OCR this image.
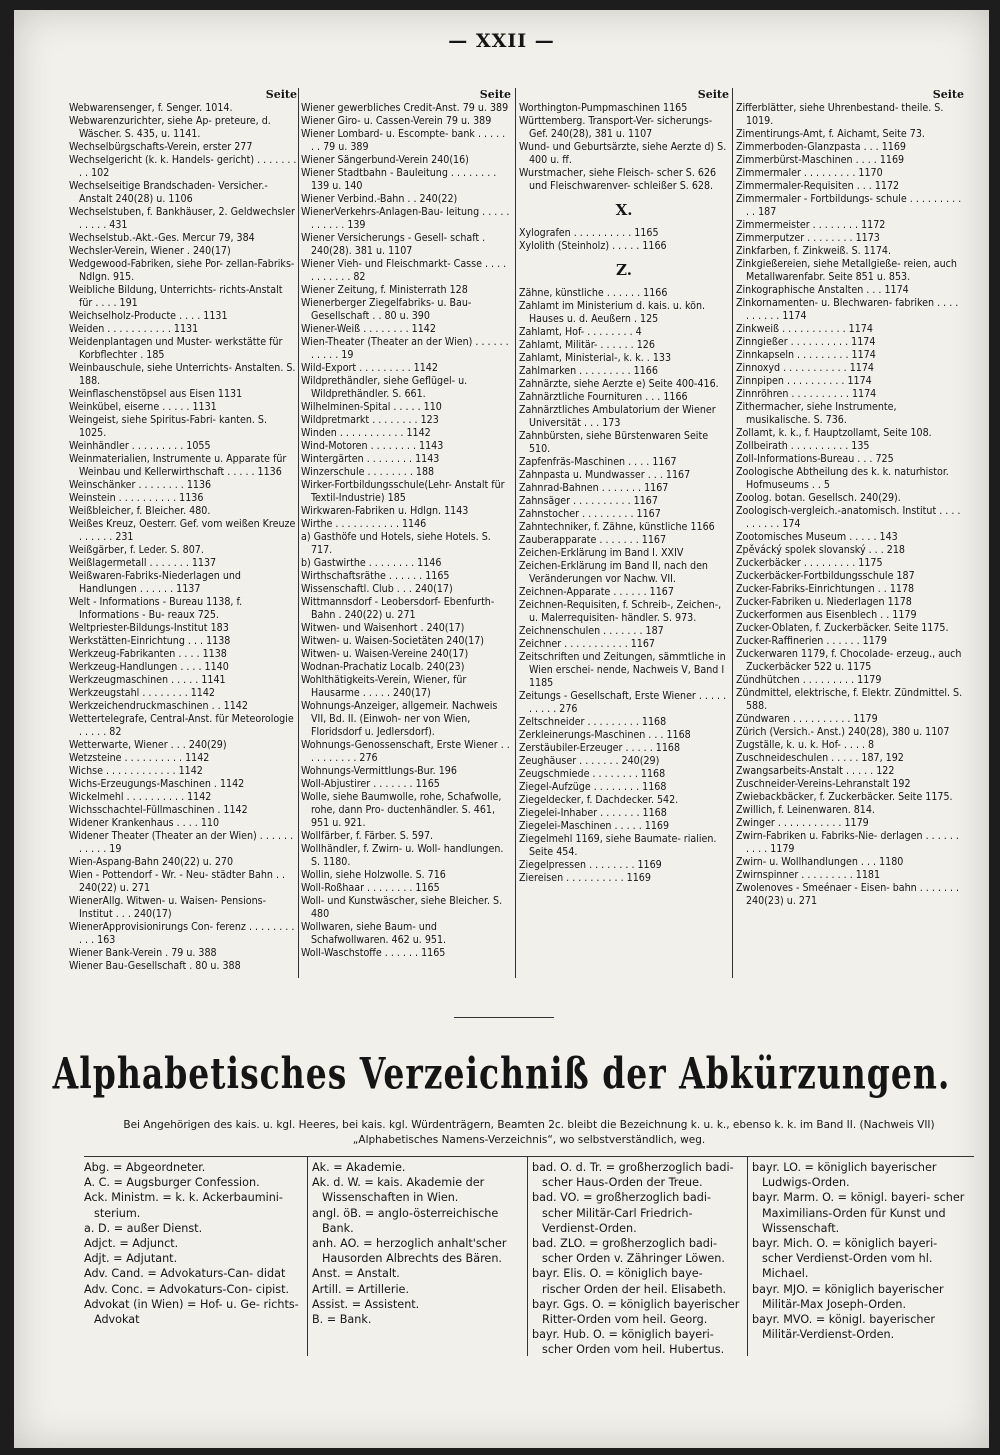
— XXII —
Seite
Webwarensenger, f. Senger. 1014.
Webwarenzurichter, siehe Ap- preteure, d. Wäscher. S. 435, u. 1141.
Wechselbürgschafts-Verein, erster 277
Wechselgericht (k. k. Handels- gericht) . . . . . . . . . 102
Wechselseitige Brandschaden- Versicher.-Anstalt 240(28) u. 1106
Wechselstuben, f. Bankhäuser, 2. Geldwechsler . . . . . 431
Wechselstub.-Akt.-Ges. Mercur 79, 384
Wechsler-Verein, Wiener . 240(17)
Wedgewood-Fabriken, siehe Por- zellan-Fabriks-Ndlgn. 915.
Weibliche Bildung, Unterrichts- richts-Anstalt für . . . . 191
Weichselholz-Producte . . . . 1131
Weiden . . . . . . . . . . . 1131
Weidenplantagen und Muster- werkstätte für Korbflechter . 185
Weinbauschule, siehe Unterrichts- Anstalten. S. 188.
Weinflaschenstöpsel aus Eisen 1131
Weinkübel, eiserne . . . . . 1131
Weingeist, siehe Spiritus-Fabri- kanten. S. 1025.
Weinhändler . . . . . . . . . 1055
Weinmaterialien, Instrumente u. Apparate für Weinbau und Kellerwirthschaft . . . . . 1136
Weinschänker . . . . . . . . 1136
Weinstein . . . . . . . . . . 1136
Weißbleicher, f. Bleicher. 480.
Weißes Kreuz, Oesterr. Gef. vom weißen Kreuze . . . . . . 231
Weißgärber, f. Leder. S. 807.
Weißlagermetall . . . . . . . 1137
Weißwaren-Fabriks-Niederlagen und Handlungen . . . . . . 1137
Welt - Informations - Bureau 1138, f. Informations - Bu- reaux 725.
Weltpriester-Bildungs-Institut 183
Werkstätten-Einrichtung . . . 1138
Werkzeug-Fabrikanten . . . . 1138
Werkzeug-Handlungen . . . . 1140
Werkzeugmaschinen . . . . . 1141
Werkzeugstahl . . . . . . . . 1142
Werkzeichendruckmaschinen . . 1142
Wettertelegrafe, Central-Anst. für Meteorologie . . . . . 82
Wetterwarte, Wiener . . . 240(29)
Wetzsteine . . . . . . . . . . 1142
Wichse . . . . . . . . . . . . 1142
Wichs-Erzeugungs-Maschinen . 1142
Wickelmehl . . . . . . . . . . 1142
Wichsschachtel-Füllmaschinen . 1142
Widener Krankenhaus . . . . 110
Widener Theater (Theater an der Wien) . . . . . . . . . . . 19
Wien-Aspang-Bahn 240(22) u. 270
Wien - Pottendorf - Wr. - Neu- städter Bahn . . 240(22) u. 271
WienerAllg. Witwen- u. Waisen- Pensions-Institut . . . 240(17)
WienerApprovisionirungs Con- ferenz . . . . . . . . . . . 163
Wiener Bank-Verein . 79 u. 388
Wiener Bau-Gesellschaft . 80 u. 388
Seite
Wiener gewerbliches Credit-Anst. 79 u. 389
Wiener Giro- u. Cassen-Verein 79 u. 389
Wiener Lombard- u. Escompte- bank . . . . . . . 79 u. 389
Wiener Sängerbund-Verein 240(16)
Wiener Stadtbahn - Bauleitung . . . . . . . . 139 u. 140
Wiener Verbind.-Bahn . . 240(22)
WienerVerkehrs-Anlagen-Bau- leitung . . . . . . . . . . . 139
Wiener Versicherungs - Gesell- schaft . 240(28). 381 u. 1107
Wiener Vieh- und Fleischmarkt- Casse . . . . . . . . . . . 82
Wiener Zeitung, f. Ministerrath 128
Wienerberger Ziegelfabriks- u. Bau-Gesellschaft . . 80 u. 390
Wiener-Weiß . . . . . . . . 1142
Wien-Theater (Theater an der Wien) . . . . . . . . . . . 19
Wild-Export . . . . . . . . . 1142
Wildprethändler, siehe Geflügel- u. Wildprethändler. S. 661.
Wilhelminen-Spital . . . . . 110
Wildpretmarkt . . . . . . . . 123
Winden . . . . . . . . . . . 1142
Wind-Motoren . . . . . . . . 1143
Wintergärten . . . . . . . . 1143
Winzerschule . . . . . . . . 188
Wirker-Fortbildungsschule(Lehr- Anstalt für Textil-Industrie) 185
Wirkwaren-Fabriken u. Hdlgn. 1143
Wirthe . . . . . . . . . . . 1146
a) Gasthöfe und Hotels, siehe Hotels. S. 717.
b) Gastwirthe . . . . . . . . 1146
Wirthschaftsräthe . . . . . . 1165
Wissenschaftl. Club . . . 240(17)
Wittmannsdorf - Leobersdorf- Ebenfurth-Bahn . 240(22) u. 271
Witwen- und Waisenhort . 240(17)
Witwen- u. Waisen-Societäten 240(17)
Witwen- u. Waisen-Vereine 240(17)
Wodnan-Prachatiz Localb. 240(23)
Wohlthätigkeits-Verein, Wiener, für Hausarme . . . . . 240(17)
Wohnungs-Anzeiger, allgemeir. Nachweis VII, Bd. II. (Einwoh- ner von Wien, Floridsdorf u. Jedlersdorf).
Wohnungs-Genossenschaft, Erste Wiener . . . . . . . . . . 276
Wohnungs-Vermittlungs-Bur. 196
Woll-Abjustirer . . . . . . . 1165
Wolle, siehe Baumwolle, rohe, Schafwolle, rohe, dann Pro- ductenhändler. S. 461, 951 u. 921.
Wollfärber, f. Färber. S. 597.
Wollhändler, f. Zwirn- u. Woll- handlungen. S. 1180.
Wollin, siehe Holzwolle. S. 716
Woll-Roßhaar . . . . . . . . 1165
Woll- und Kunstwäscher, siehe Bleicher. S. 480
Wollwaren, siehe Baum- und Schafwollwaren. 462 u. 951.
Woll-Waschstoffe . . . . . . 1165
Seite
Worthington-Pumpmaschinen 1165
Württemberg. Transport-Ver- sicherungs-Gef. 240(28), 381 u. 1107
Wund- und Geburtsärzte, siehe Aerzte d) S. 400 u. ff.
Wurstmacher, siehe Fleisch- scher S. 626 und Fleischwarenver- schleißer S. 628.
X.
Xylografen . . . . . . . . . . 1165
Xylolith (Steinholz) . . . . . 1166
Z.
Zähne, künstliche . . . . . . 1166
Zahlamt im Ministerium d. kais. u. kön. Hauses u. d. Aeußern . 125
Zahlamt, Hof- . . . . . . . . 4
Zahlamt, Militär- . . . . . . 126
Zahlamt, Ministerial-, k. k. . 133
Zahlmarken . . . . . . . . . 1166
Zahnärzte, siehe Aerzte e) Seite 400-416.
Zahnärztliche Fournituren . . . 1166
Zahnärztliches Ambulatorium der Wiener Universität . . . 173
Zahnbürsten, siehe Bürstenwaren Seite 510.
Zapfenfräs-Maschinen . . . . 1167
Zahnpasta u. Mundwasser . . . 1167
Zahnrad-Bahnen . . . . . . . 1167
Zahnsäger . . . . . . . . . . 1167
Zahnstocher . . . . . . . . . 1167
Zahntechniker, f. Zähne, künstliche 1166
Zauberapparate . . . . . . . 1167
Zeichen-Erklärung im Band I. XXIV
Zeichen-Erklärung im Band II, nach den Veränderungen vor Nachw. VII.
Zeichnen-Apparate . . . . . . 1167
Zeichnen-Requisiten, f. Schreib-, Zeichen-, u. Malerrequisiten- händler. S. 973.
Zeichnenschulen . . . . . . . 187
Zeichner . . . . . . . . . . . 1167
Zeitschriften und Zeitungen, sämmtliche in Wien erschei- nende, Nachweis V, Band I 1185
Zeitungs - Gesellschaft, Erste Wiener . . . . . . . . . . 276
Zeltschneider . . . . . . . . . 1168
Zerkleinerungs-Maschinen . . . 1168
Zerstäubiler-Erzeuger . . . . . 1168
Zeughäuser . . . . . . . 240(29)
Zeugschmiede . . . . . . . . 1168
Ziegel-Aufzüge . . . . . . . . 1168
Ziegeldecker, f. Dachdecker. 542.
Ziegelei-Inhaber . . . . . . . 1168
Ziegelei-Maschinen . . . . . 1169
Ziegelmehl 1169, siehe Baumate- rialien. Seite 454.
Ziegelpressen . . . . . . . . 1169
Ziereisen . . . . . . . . . . 1169
Seite
Zifferblätter, siehe Uhrenbestand- theile. S. 1019.
Zimentirungs-Amt, f. Aichamt, Seite 73.
Zimmerboden-Glanzpasta . . . 1169
Zimmerbürst-Maschinen . . . . 1169
Zimmermaler . . . . . . . . . 1170
Zimmermaler-Requisiten . . . 1172
Zimmermaler - Fortbildungs- schule . . . . . . . . . . . 187
Zimmermeister . . . . . . . . 1172
Zimmerputzer . . . . . . . . 1173
Zinkfarben, f. Zinkweiß. S. 1174.
Zinkgießereien, siehe Metallgieße- reien, auch Metallwarenfabr. Seite 851 u. 853.
Zinkographische Anstalten . . . 1174
Zinkornamenten- u. Blechwaren- fabriken . . . . . . . . . . 1174
Zinkweiß . . . . . . . . . . . 1174
Zinngießer . . . . . . . . . . 1174
Zinnkapseln . . . . . . . . . 1174
Zinnoxyd . . . . . . . . . . . 1174
Zinnpipen . . . . . . . . . . 1174
Zinnröhren . . . . . . . . . . 1174
Zithermacher, siehe Instrumente, musikalische. S. 736.
Zollamt, k. k., f. Hauptzollamt, Seite 108.
Zollbeirath . . . . . . . . . . 135
Zoll-Informations-Bureau . . . 725
Zoologische Abtheilung des k. k. naturhistor. Hofmuseums . . 5
Zoolog. botan. Gesellsch. 240(29).
Zoologisch-vergleich.-anatomisch. Institut . . . . . . . . . . 174
Zootomisches Museum . . . . . 143
Zpěvácký spolek slovanský . . . 218
Zuckerbäcker . . . . . . . . . 1175
Zuckerbäcker-Fortbildungsschule 187
Zucker-Fabriks-Einrichtungen . . 1178
Zucker-Fabriken u. Niederlagen 1178
Zuckerformen aus Eisenblech . . 1179
Zucker-Oblaten, f. Zuckerbäcker. Seite 1175.
Zucker-Raffinerien . . . . . . 1179
Zuckerwaren 1179, f. Chocolade- erzeug., auch Zuckerbäcker 522 u. 1175
Zündhütchen . . . . . . . . . 1179
Zündmittel, elektrische, f. Elektr. Zündmittel. S. 588.
Zündwaren . . . . . . . . . . 1179
Zürich (Versich.- Anst.) 240(28), 380 u. 1107
Zugställe, k. u. k. Hof- . . . . 8
Zuschneideschulen . . . . . 187, 192
Zwangsarbeits-Anstalt . . . . . 122
Zuschneider-Vereins-Lehranstalt 192
Zwiebackbäcker, f. Zuckerbäcker. Seite 1175.
Zwillich, f. Leinenwaren. 814.
Zwinger . . . . . . . . . . . 1179
Zwirn-Fabriken u. Fabriks-Nie- derlagen . . . . . . . . . . 1179
Zwirn- u. Wollhandlungen . . . 1180
Zwirnspinner . . . . . . . . . 1181
Zwolenoves - Smeénaer - Eisen- bahn . . . . . . . 240(23) u. 271
Alphabetisches Verzeichniß der Abkürzungen.
Bei Angehörigen des kais. u. kgl. Heeres, bei kais. kgl. Würdenträgern, Beamten 2c. bleibt die Bezeichnung k. u. k., ebenso k. k. im Band II. (Nachweis VII) „Alphabetisches Namens-Verzeichnis“, wo selbstverständlich, weg.
Abg. = Abgeordneter.
A. C. = Augsburger Confession.
Ack. Ministm. = k. k. Ackerbaumini- sterium.
a. D. = außer Dienst.
Adjct. = Adjunct.
Adjt. = Adjutant.
Adv. Cand. = Advokaturs-Can- didat
Adv. Conc. = Advokaturs-Con- cipist.
Advokat (in Wien) = Hof- u. Ge- richts-Advokat
Ak. = Akademie.
Ak. d. W. = kais. Akademie der Wissenschaften in Wien.
angl. öB. = anglo-österreichische Bank.
anh. AO. = herzoglich anhalt'scher Hausorden Albrechts des Bären.
Anst. = Anstalt.
Artill. = Artillerie.
Assist. = Assistent.
B. = Bank.
bad. O. d. Tr. = großherzoglich badi- scher Haus-Orden der Treue.
bad. VO. = großherzoglich badi- scher Militär-Carl Friedrich- Verdienst-Orden.
bad. ZLO. = großherzoglich badi- scher Orden v. Zähringer Löwen.
bayr. Elis. O. = königlich baye- rischer Orden der heil. Elisabeth.
bayr. Ggs. O. = königlich bayerischer Ritter-Orden vom heil. Georg.
bayr. Hub. O. = königlich bayeri- scher Orden vom heil. Hubertus.
bayr. LO. = königlich bayerischer Ludwigs-Orden.
bayr. Marm. O. = königl. bayeri- scher Maximilians-Orden für Kunst und Wissenschaft.
bayr. Mich. O. = königlich bayeri- scher Verdienst-Orden vom hl. Michael.
bayr. MJO. = königlich bayerischer Militär-Max Joseph-Orden.
bayr. MVO. = königl. bayerischer Militär-Verdienst-Orden.
